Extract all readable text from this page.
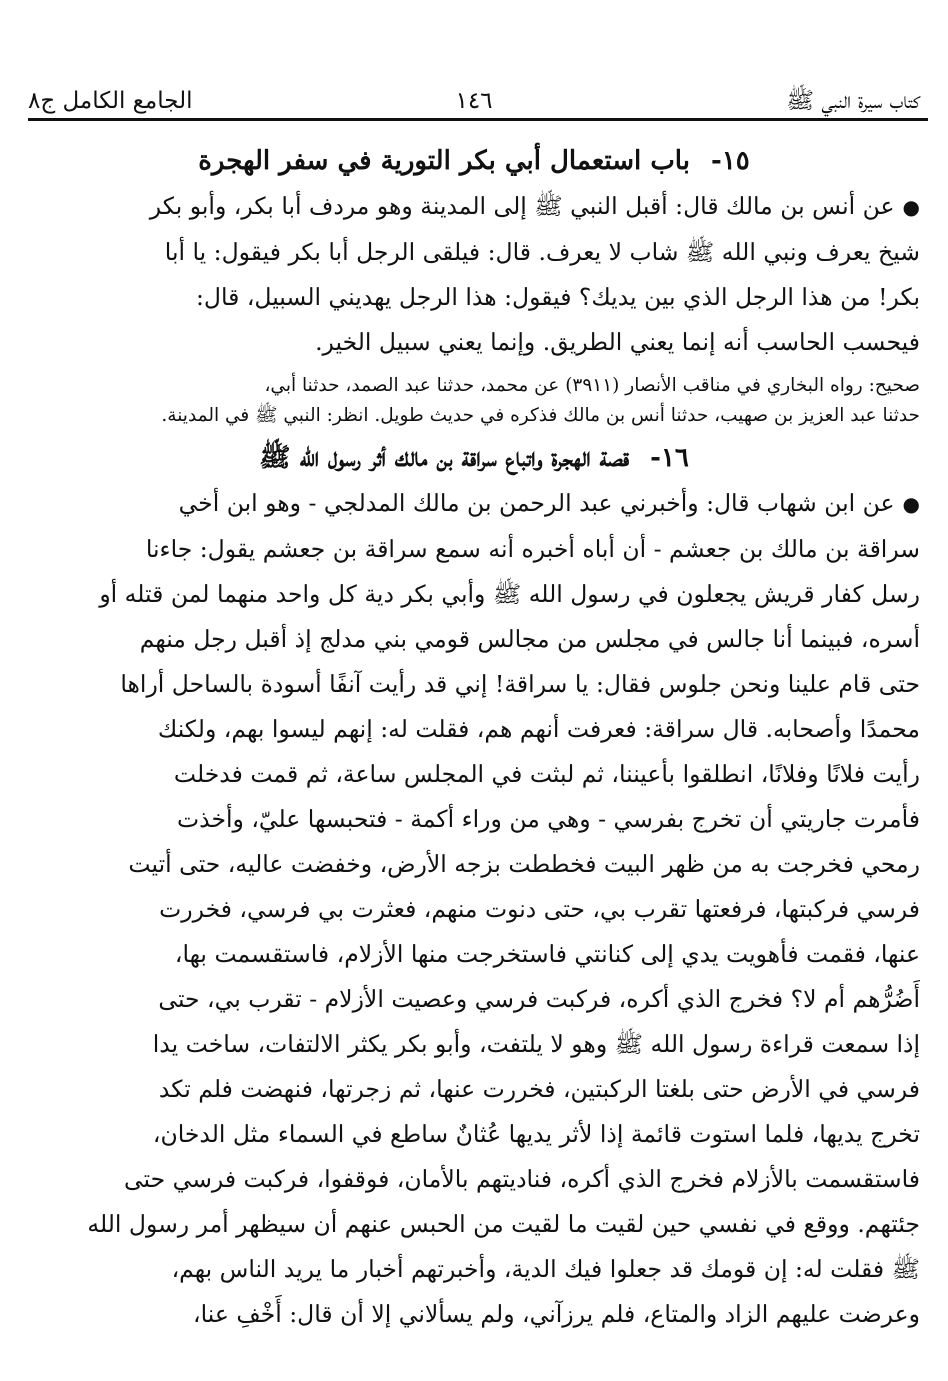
كتاب سيرة النبي ﷺ
١٤٦
الجامع الكامل ج٨
١٥- باب استعمال أبي بكر التورية في سفر الهجرة
●عن أنس بن مالك قال: أقبل النبي ﷺ إلى المدينة وهو مردف أبا بكر، وأبو بكر
شيخ يعرف ونبي الله ﷺ شاب لا يعرف. قال: فيلقى الرجل أبا بكر فيقول: يا أبا
بكر! من هذا الرجل الذي بين يديك؟ فيقول: هذا الرجل يهديني السبيل، قال:
فيحسب الحاسب أنه إنما يعني الطريق. وإنما يعني سبيل الخير.
صحيح: رواه البخاري في مناقب الأنصار (٣٩١١) عن محمد، حدثنا عبد الصمد، حدثنا أبي،
حدثنا عبد العزيز بن صهيب، حدثنا أنس بن مالك فذكره في حديث طويل. انظر: النبي ﷺ في المدينة.
١٦- قصة الهجرة واتباع سراقة بن مالك أثر رسول الله ﷺ
●عن ابن شهاب قال: وأخبرني عبد الرحمن بن مالك المدلجي - وهو ابن أخي
سراقة بن مالك بن جعشم - أن أباه أخبره أنه سمع سراقة بن جعشم يقول: جاءنا
رسل كفار قريش يجعلون في رسول الله ﷺ وأبي بكر دية كل واحد منهما لمن قتله أو
أسره، فبينما أنا جالس في مجلس من مجالس قومي بني مدلج إذ أقبل رجل منهم
حتى قام علينا ونحن جلوس فقال: يا سراقة! إني قد رأيت آنفًا أسودة بالساحل أراها
محمدًا وأصحابه. قال سراقة: فعرفت أنهم هم، فقلت له: إنهم ليسوا بهم، ولكنك
رأيت فلانًا وفلانًا، انطلقوا بأعيننا، ثم لبثت في المجلس ساعة، ثم قمت فدخلت
فأمرت جاريتي أن تخرج بفرسي - وهي من وراء أكمة - فتحبسها عليّ، وأخذت
رمحي فخرجت به من ظهر البيت فخططت بزجه الأرض، وخفضت عاليه، حتى أتيت
فرسي فركبتها، فرفعتها تقرب بي، حتى دنوت منهم، فعثرت بي فرسي، فخررت
عنها، فقمت فأهويت يدي إلى كنانتي فاستخرجت منها الأزلام، فاستقسمت بها،
أَضُرُّهم أم لا؟ فخرج الذي أكره، فركبت فرسي وعصيت الأزلام - تقرب بي، حتى
إذا سمعت قراءة رسول الله ﷺ وهو لا يلتفت، وأبو بكر يكثر الالتفات، ساخت يدا
فرسي في الأرض حتى بلغتا الركبتين، فخررت عنها، ثم زجرتها، فنهضت فلم تكد
تخرج يديها، فلما استوت قائمة إذا لأثر يديها عُثانٌ ساطع في السماء مثل الدخان،
فاستقسمت بالأزلام فخرج الذي أكره، فناديتهم بالأمان، فوقفوا، فركبت فرسي حتى
جئتهم. ووقع في نفسي حين لقيت ما لقيت من الحبس عنهم أن سيظهر أمر رسول الله
ﷺ فقلت له: إن قومك قد جعلوا فيك الدية، وأخبرتهم أخبار ما يريد الناس بهم،
وعرضت عليهم الزاد والمتاع، فلم يرزآني، ولم يسألاني إلا أن قال: أَخْفِ عنا،
